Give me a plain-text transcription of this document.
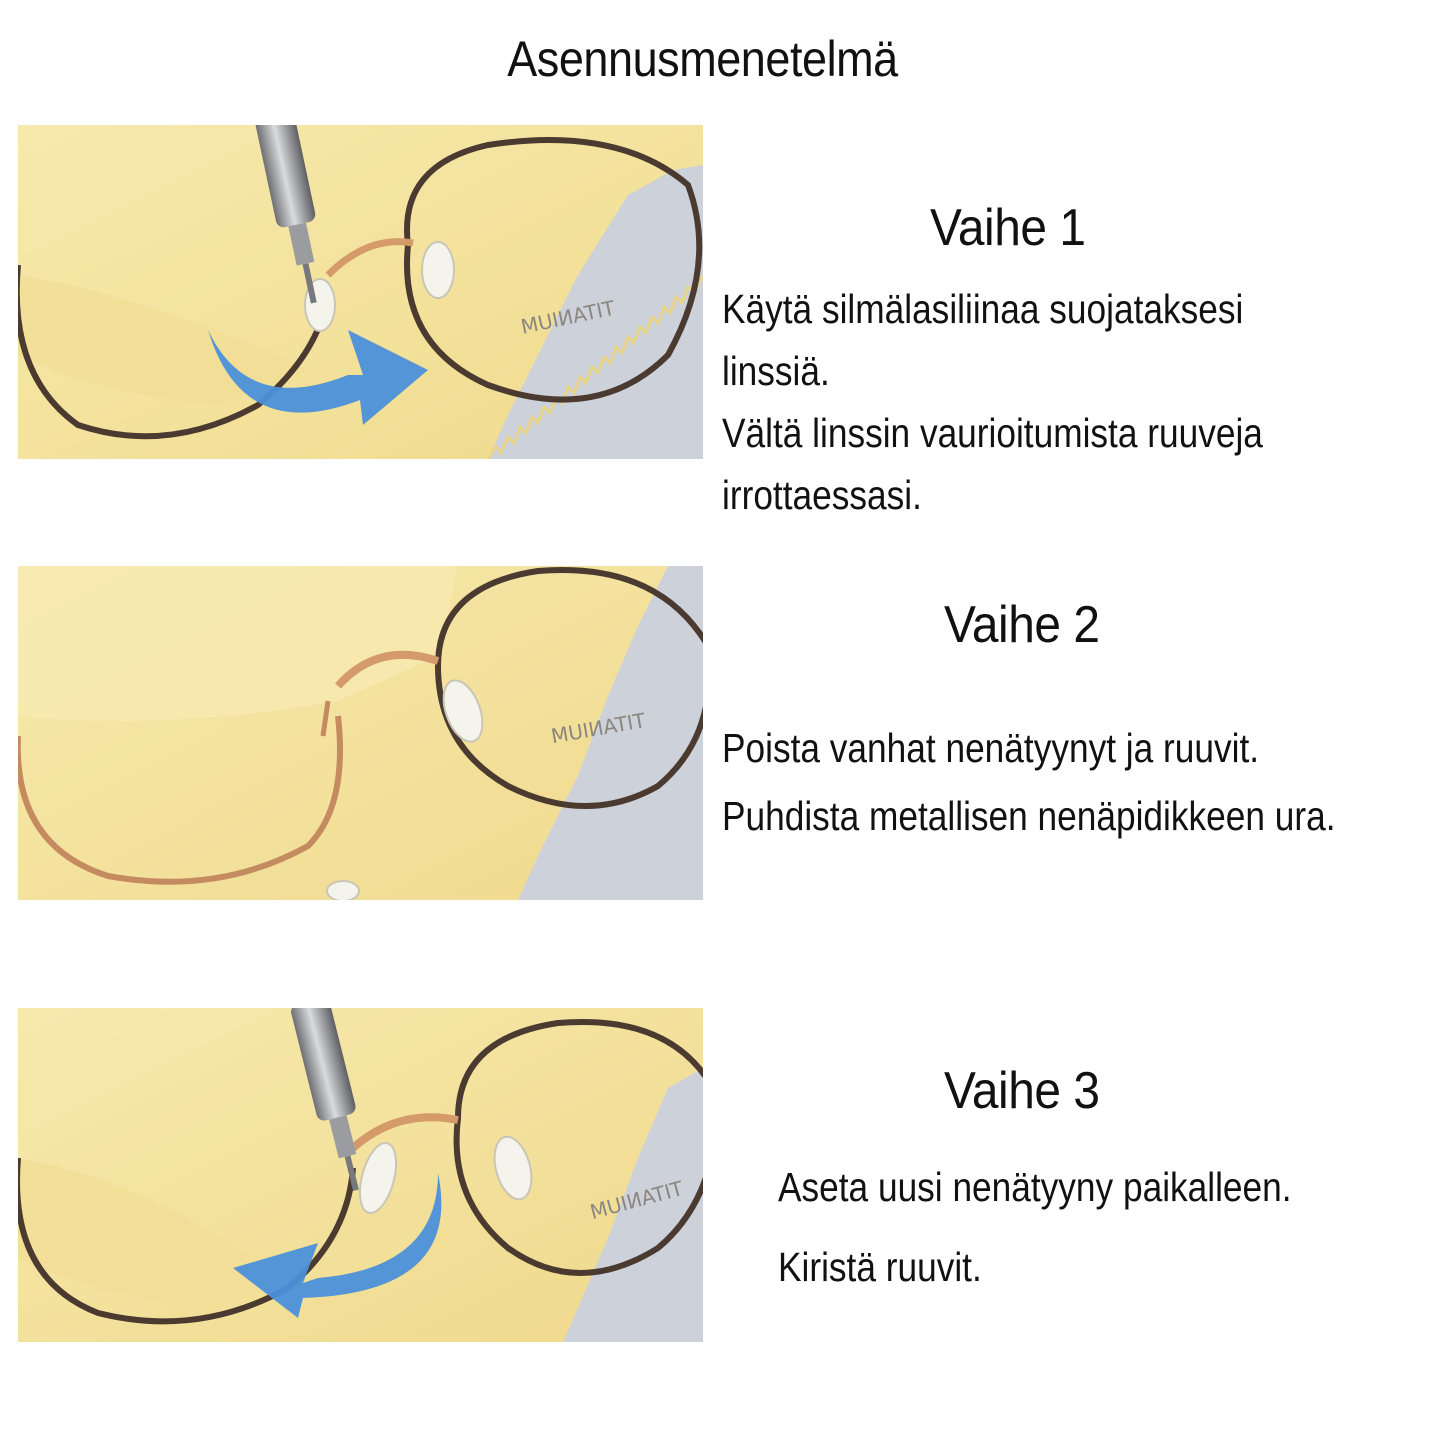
Asennusmenetelmä
TITANIUM
Vaihe 1
Käytä silmälasiliinaa suojataksesi
linssiä.
Vältä linssin vaurioitumista ruuveja
irrottaessasi.
TITANIUM
Vaihe 2
Poista vanhat nenätyynyt ja ruuvit.
Puhdista metallisen nenäpidikkeen ura.
TITANIUM
Vaihe 3
Aseta uusi nenätyyny paikalleen.
Kiristä ruuvit.
